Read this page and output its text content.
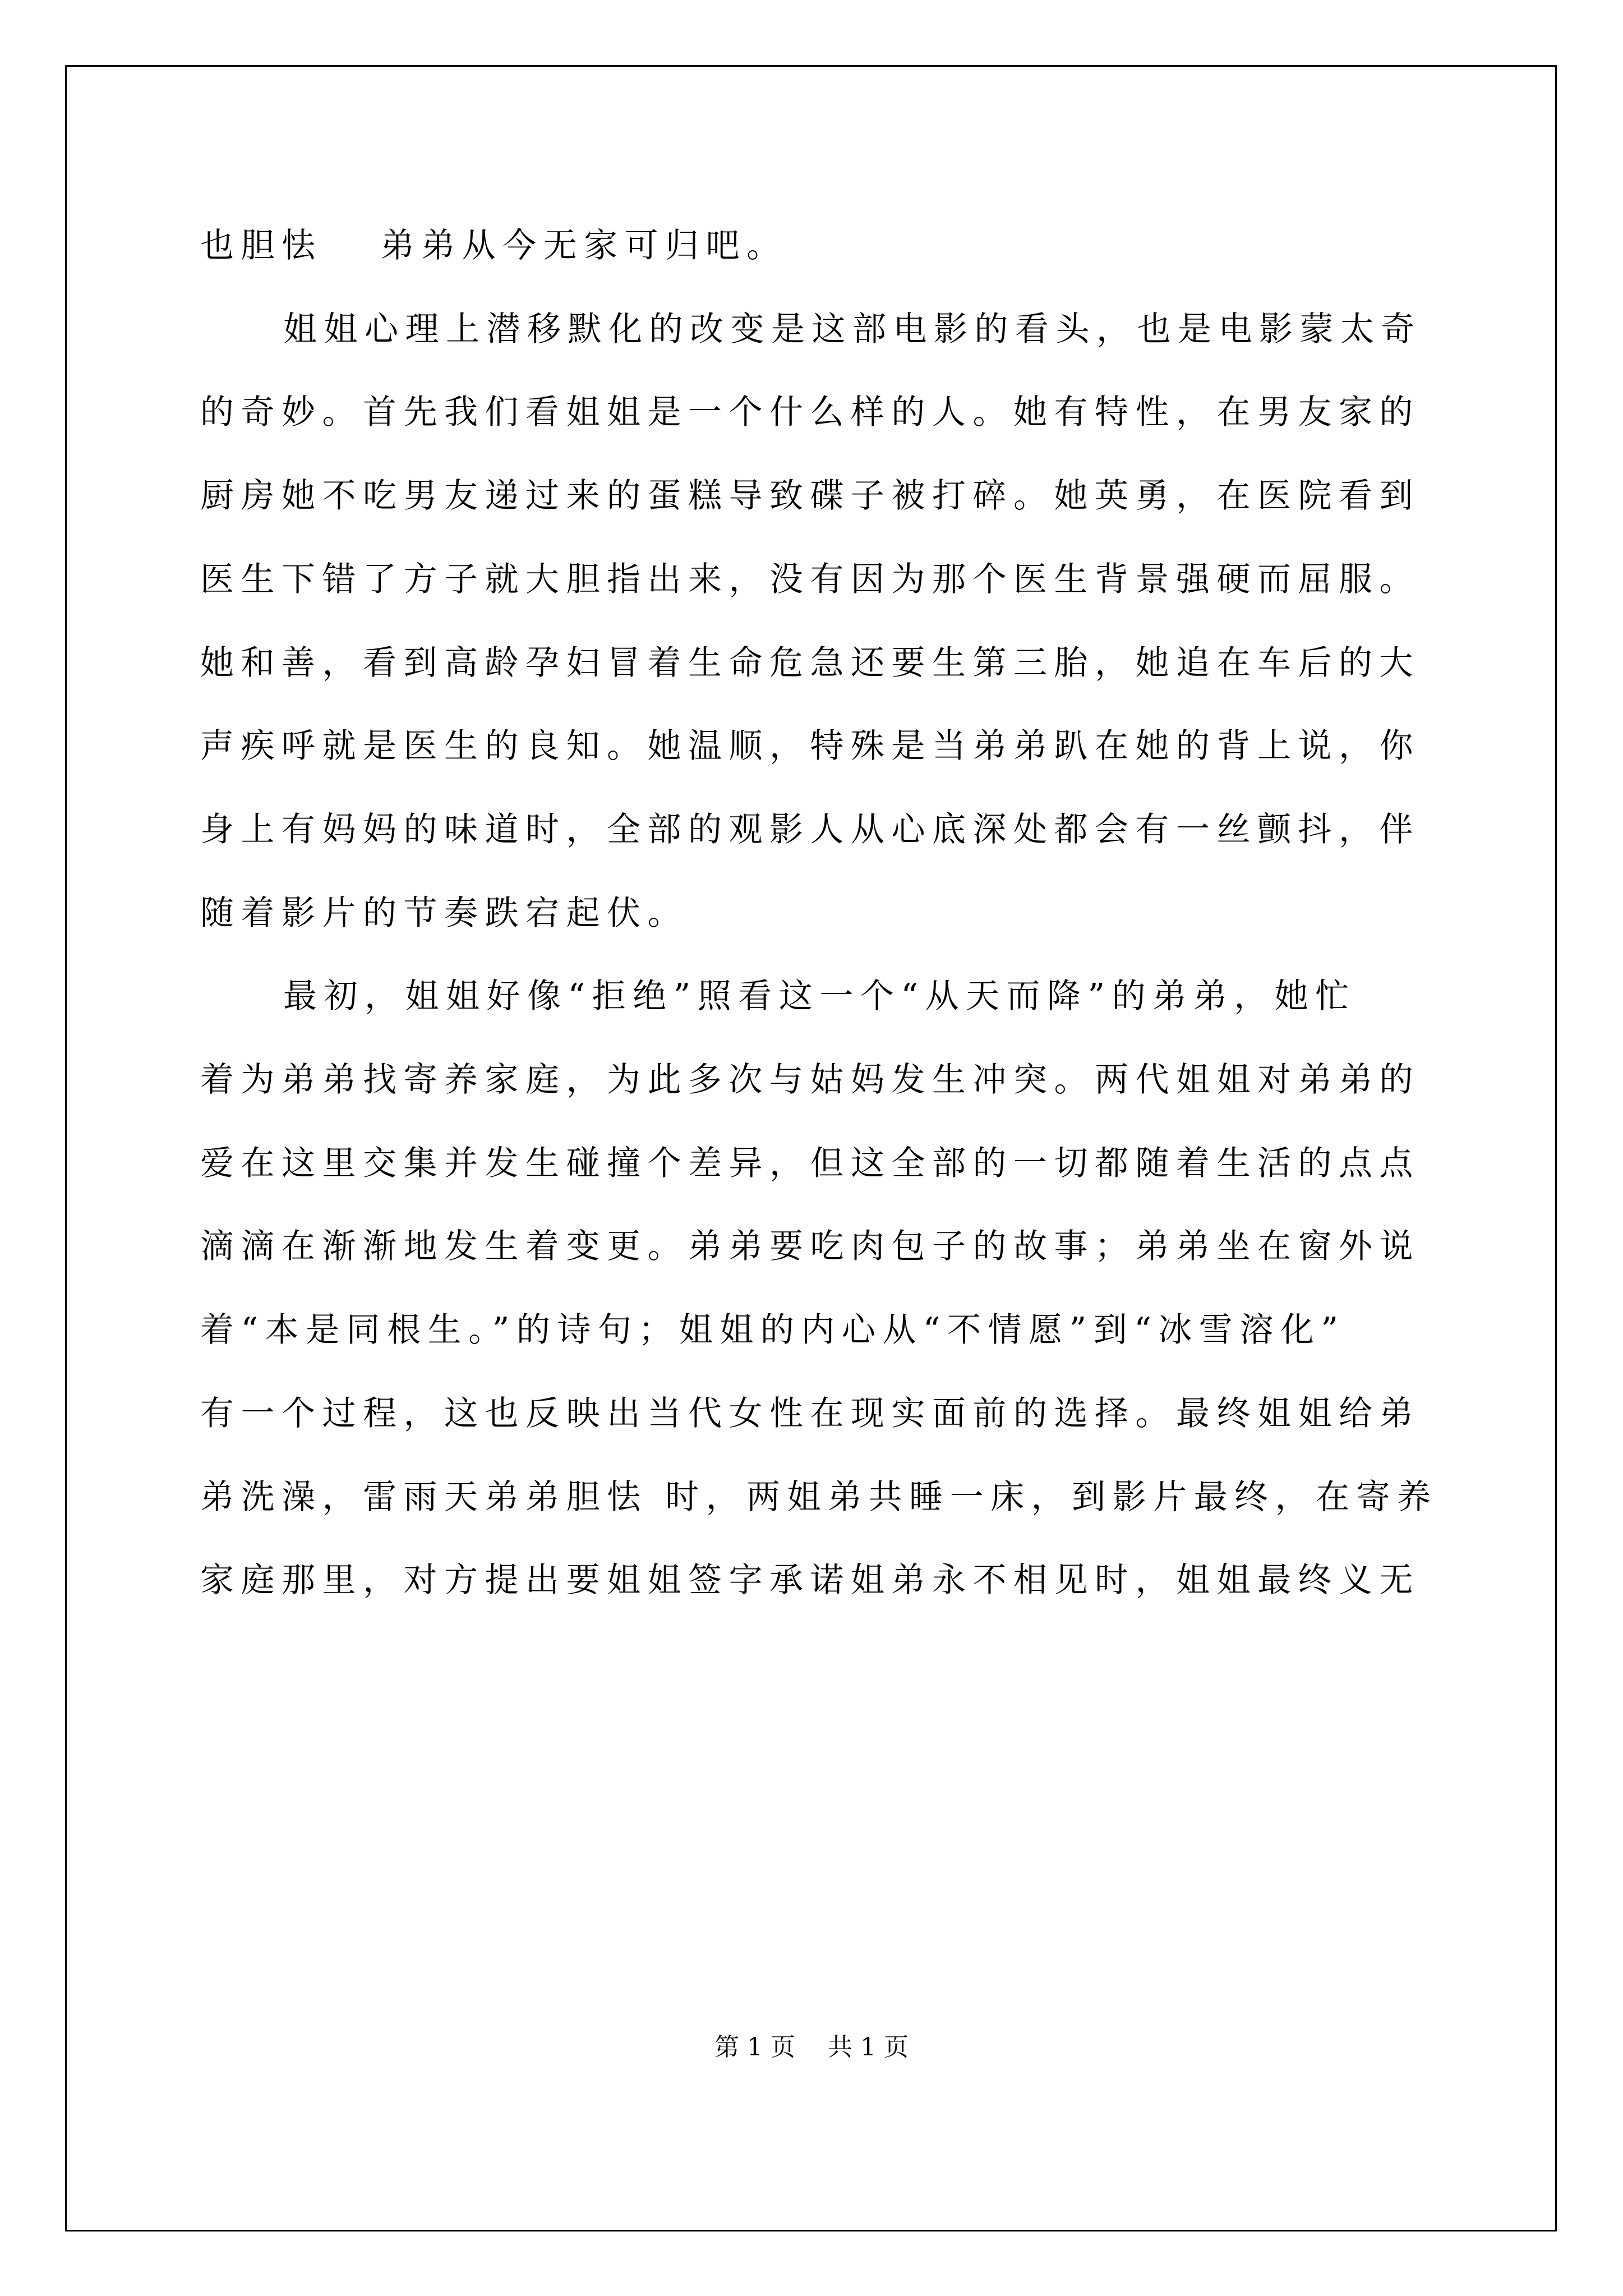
也胆怯　 弟弟从今无家可归吧。
姐姐心理上潜移默化的改变是这部电影的看头，也是电影蒙太奇
的奇妙。首先我们看姐姐是一个什么样的人。她有特性，在男友家的
厨房她不吃男友递过来的蛋糕导致碟子被打碎。她英勇，在医院看到
医生下错了方子就大胆指出来，没有因为那个医生背景强硬而屈服。
她和善，看到高龄孕妇冒着生命危急还要生第三胎，她追在车后的大
声疾呼就是医生的良知。她温顺，特殊是当弟弟趴在她的背上说，你
身上有妈妈的味道时，全部的观影人从心底深处都会有一丝颤抖，伴
随着影片的节奏跌宕起伏。
最初，姐姐好像“拒绝”照看这一个“从天而降”的弟弟，她忙
着为弟弟找寄养家庭，为此多次与姑妈发生冲突。两代姐姐对弟弟的
爱在这里交集并发生碰撞个差异，但这全部的一切都随着生活的点点
滴滴在渐渐地发生着变更。弟弟要吃肉包子的故事；弟弟坐在窗外说
着“本是同根生。”的诗句；姐姐的内心从“不情愿”到“冰雪溶化”
有一个过程，这也反映出当代女性在现实面前的选择。最终姐姐给弟
弟洗澡，雷雨天弟弟胆怯 时，两姐弟共睡一床，到影片最终，在寄养
家庭那里，对方提出要姐姐签字承诺姐弟永不相见时，姐姐最终义无
第 1 页　 共 1 页
